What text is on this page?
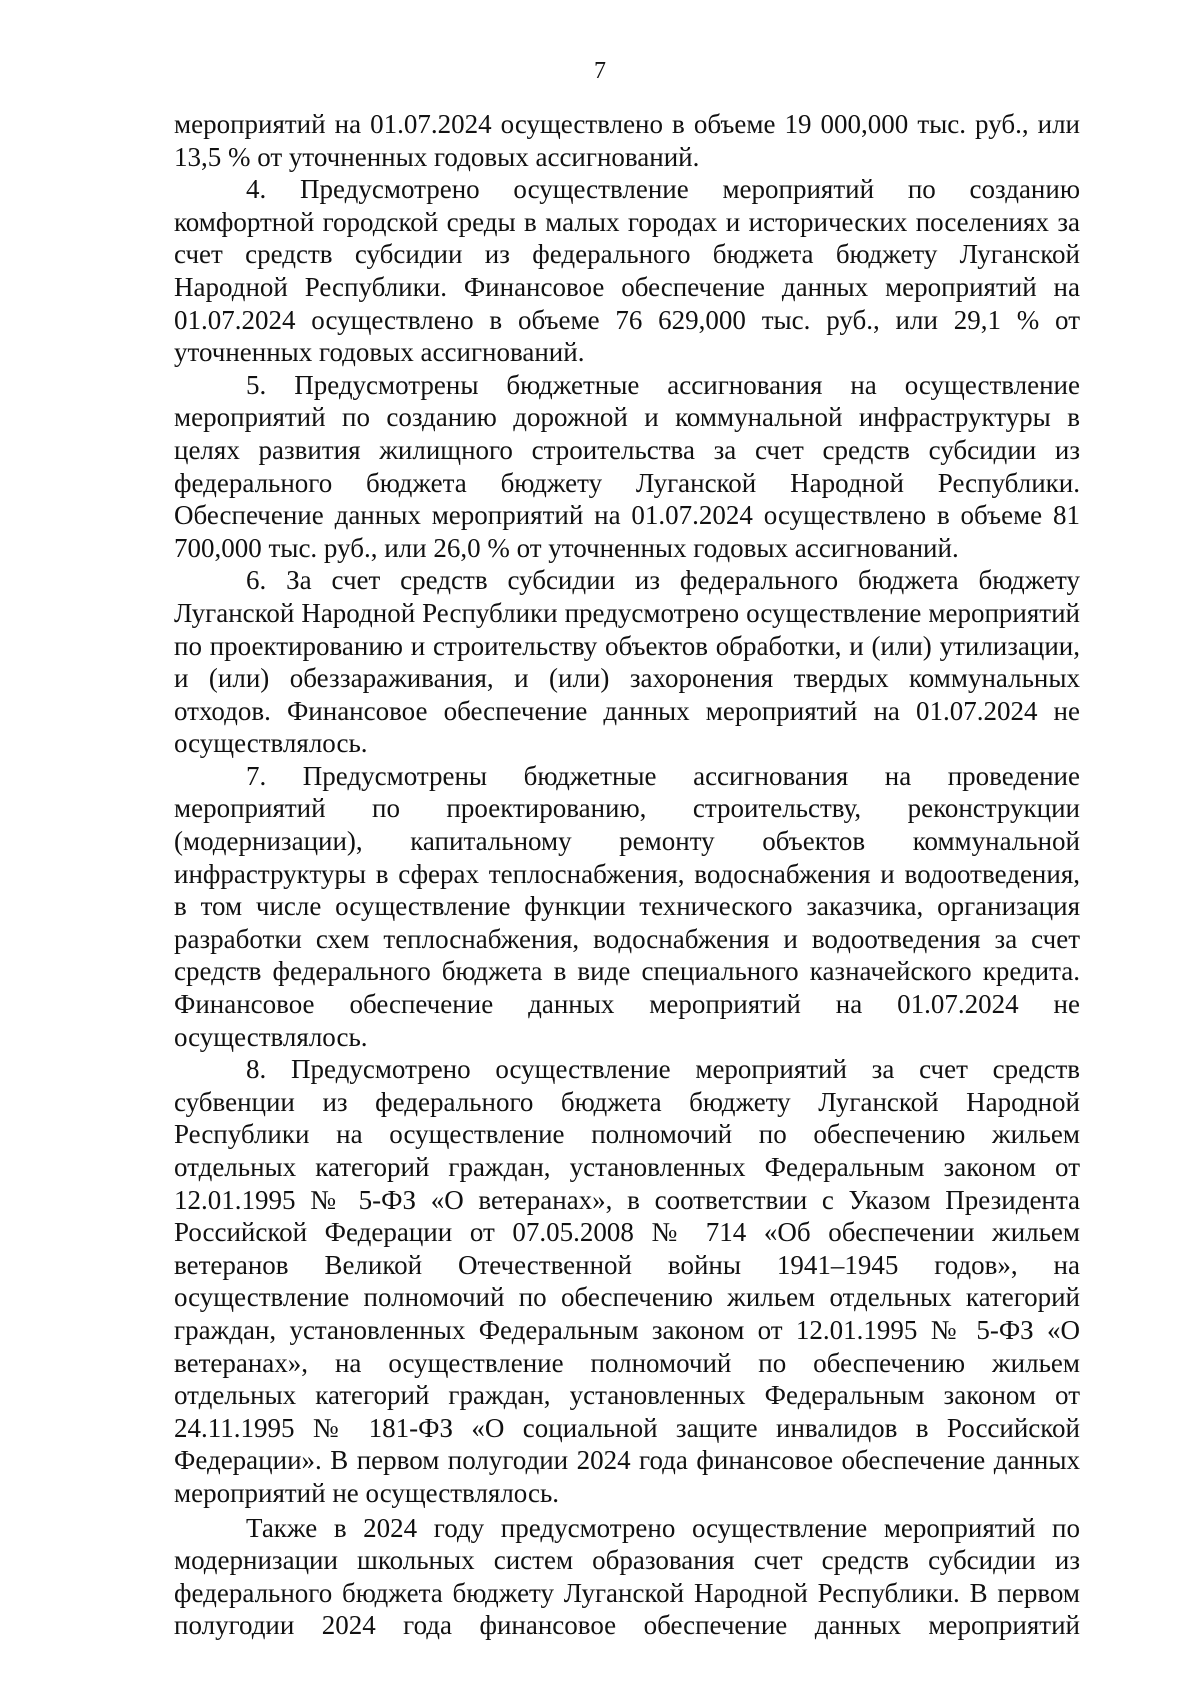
7

мероприятий на 01.07.2024 осуществлено в объеме 19 000,000 тыс. руб., или 13,5 % от уточненных годовых ассигнований.

4. Предусмотрено осуществление мероприятий по созданию комфортной городской среды в малых городах и исторических поселениях за счет средств субсидии из федерального бюджета бюджету Луганской Народной Республики. Финансовое обеспечение данных мероприятий на 01.07.2024 осуществлено в объеме 76 629,000 тыс. руб., или 29,1 % от уточненных годовых ассигнований.

5. Предусмотрены бюджетные ассигнования на осуществление мероприятий по созданию дорожной и коммунальной инфраструктуры в целях развития жилищного строительства за счет средств субсидии из федерального бюджета бюджету Луганской Народной Республики. Обеспечение данных мероприятий на 01.07.2024 осуществлено в объеме 81 700,000 тыс. руб., или 26,0 % от уточненных годовых ассигнований.

6. За счет средств субсидии из федерального бюджета бюджету Луганской Народной Республики предусмотрено осуществление мероприятий по проектированию и строительству объектов обработки, и (или) утилизации, и (или) обеззараживания, и (или) захоронения твердых коммунальных отходов. Финансовое обеспечение данных мероприятий на 01.07.2024 не осуществлялось.

7. Предусмотрены бюджетные ассигнования на проведение мероприятий по проектированию, строительству, реконструкции (модернизации), капитальному ремонту объектов коммунальной инфраструктуры в сферах теплоснабжения, водоснабжения и водоотведения, в том числе осуществление функции технического заказчика, организация разработки схем теплоснабжения, водоснабжения и водоотведения за счет средств федерального бюджета в виде специального казначейского кредита. Финансовое обеспечение данных мероприятий на 01.07.2024 не осуществлялось.

8. Предусмотрено осуществление мероприятий за счет средств субвенции из федерального бюджета бюджету Луганской Народной Республики на осуществление полномочий по обеспечению жильем отдельных категорий граждан, установленных Федеральным законом от 12.01.1995 № 5-ФЗ «О ветеранах», в соответствии с Указом Президента Российской Федерации от 07.05.2008 № 714 «Об обеспечении жильем ветеранов Великой Отечественной войны 1941–1945 годов», на осуществление полномочий по обеспечению жильем отдельных категорий граждан, установленных Федеральным законом от 12.01.1995 № 5-ФЗ «О ветеранах», на осуществление полномочий по обеспечению жильем отдельных категорий граждан, установленных Федеральным законом от 24.11.1995 № 181-ФЗ «О социальной защите инвалидов в Российской Федерации». В первом полугодии 2024 года финансовое обеспечение данных мероприятий не осуществлялось.

Также в 2024 году предусмотрено осуществление мероприятий по модернизации школьных систем образования счет средств субсидии из федерального бюджета бюджету Луганской Народной Республики. В первом полугодии 2024 года финансовое обеспечение данных мероприятий
